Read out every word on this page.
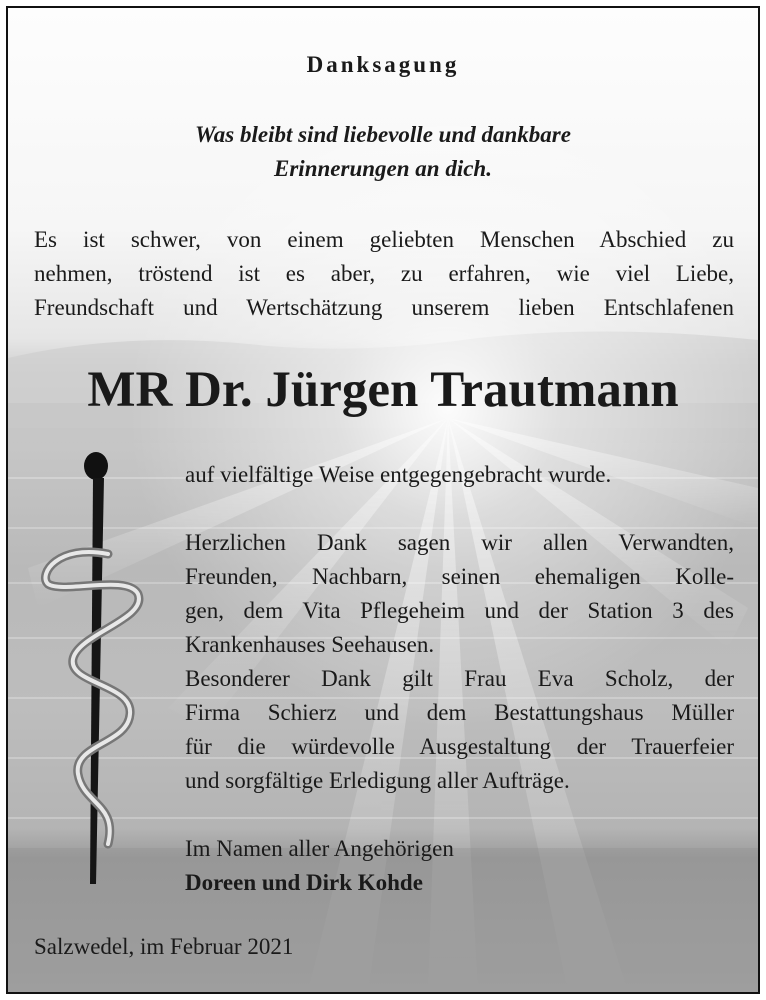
Danksagung
Was bleibt sind liebevolle und dankbare
Erinnerungen an dich.
Es ist schwer, von einem geliebten Menschen Abschied zu
nehmen, tröstend ist es aber, zu erfahren, wie viel Liebe,
Freundschaft und Wertschätzung unserem lieben Entschlafenen
MR Dr. Jürgen Trautmann
auf vielfältige Weise entgegengebracht wurde.
Herzlichen Dank sagen wir allen Verwandten,
Freunden, Nachbarn, seinen ehemaligen Kolle-
gen, dem Vita Pflegeheim und der Station 3 des
Krankenhauses Seehausen.
Besonderer Dank gilt Frau Eva Scholz, der
Firma Schierz und dem Bestattungshaus Müller
für die würdevolle Ausgestaltung der Trauerfeier
und sorgfältige Erledigung aller Aufträge.
Im Namen aller Angehörigen
Doreen und Dirk Kohde
Salzwedel, im Februar 2021
